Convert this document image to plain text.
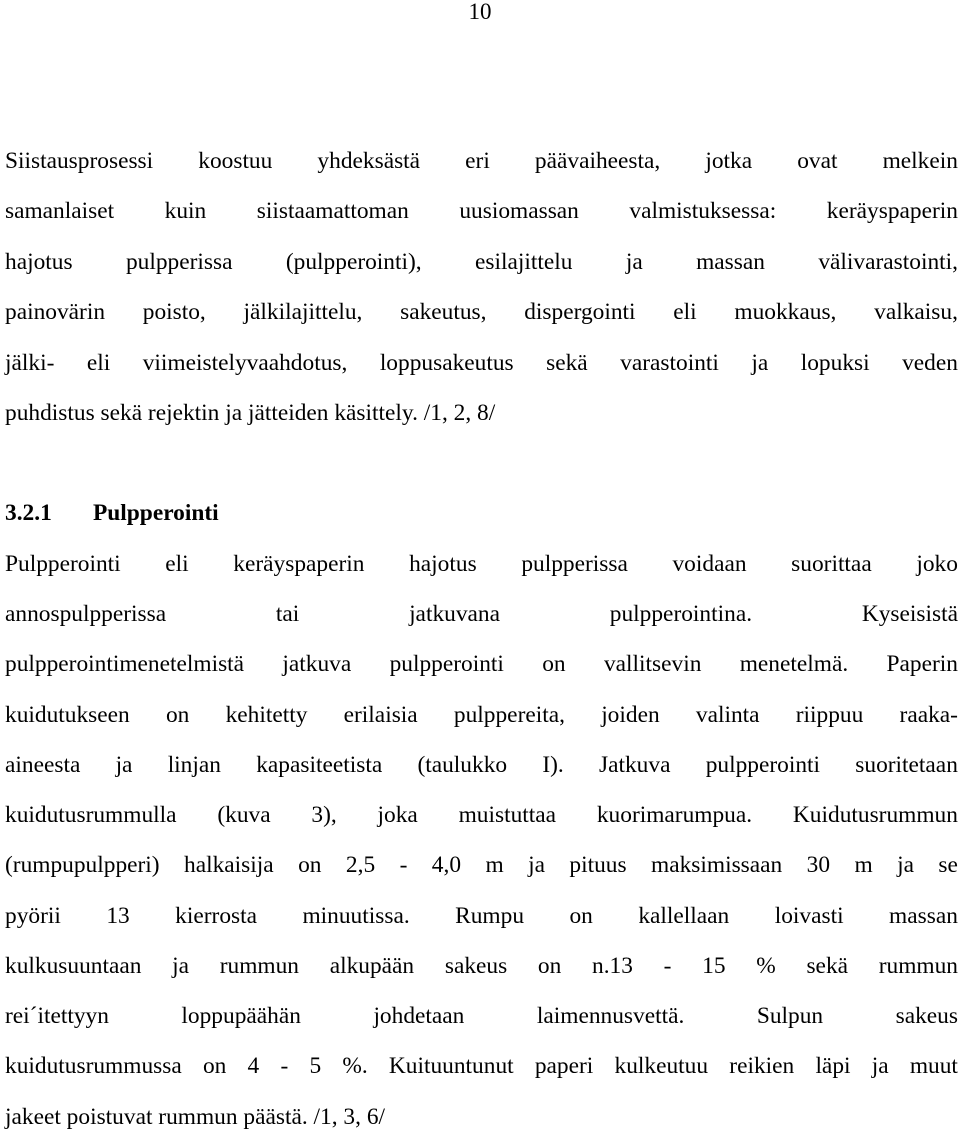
10
Siistausprosessi koostuu yhdeksästä eri päävaiheesta, jotka ovat melkein
samanlaiset kuin siistaamattoman uusiomassan valmistuksessa: keräyspaperin
hajotus pulpperissa (pulpperointi), esilajittelu ja massan välivarastointi,
painovärin poisto, jälkilajittelu, sakeutus, dispergointi eli muokkaus, valkaisu,
jälki- eli viimeistelyvaahdotus, loppusakeutus sekä varastointi ja lopuksi veden
puhdistus sekä rejektin ja jätteiden käsittely. /1, 2, 8/
3.2.1 Pulpperointi
Pulpperointi eli keräyspaperin hajotus pulpperissa voidaan suorittaa joko
annospulpperissa	tai	jatkuvana	pulpperointina.	Kyseisistä
pulpperointimenetelmistä jatkuva pulpperointi on vallitsevin menetelmä. Paperin
kuidutukseen on kehitetty erilaisia pulppereita, joiden valinta riippuu raaka-
aineesta ja linjan kapasiteetista (taulukko I). Jatkuva pulpperointi suoritetaan
kuidutusrummulla (kuva 3), joka muistuttaa kuorimarumpua. Kuidutusrummun
(rumpupulpperi) halkaisija on 2,5 - 4,0 m ja pituus maksimissaan 30 m ja se
pyörii 13 kierrosta minuutissa. Rumpu on kallellaan loivasti massan
kulkusuuntaan ja rummun alkupään sakeus on n.13 - 15 % sekä rummun
rei´itettyyn	loppupäähän	johdetaan	laimennusvettä.	Sulpun	sakeus
kuidutusrummussa on 4 - 5 %. Kuituuntunut paperi kulkeutuu reikien läpi ja muut
jakeet poistuvat rummun päästä. /1, 3, 6/
